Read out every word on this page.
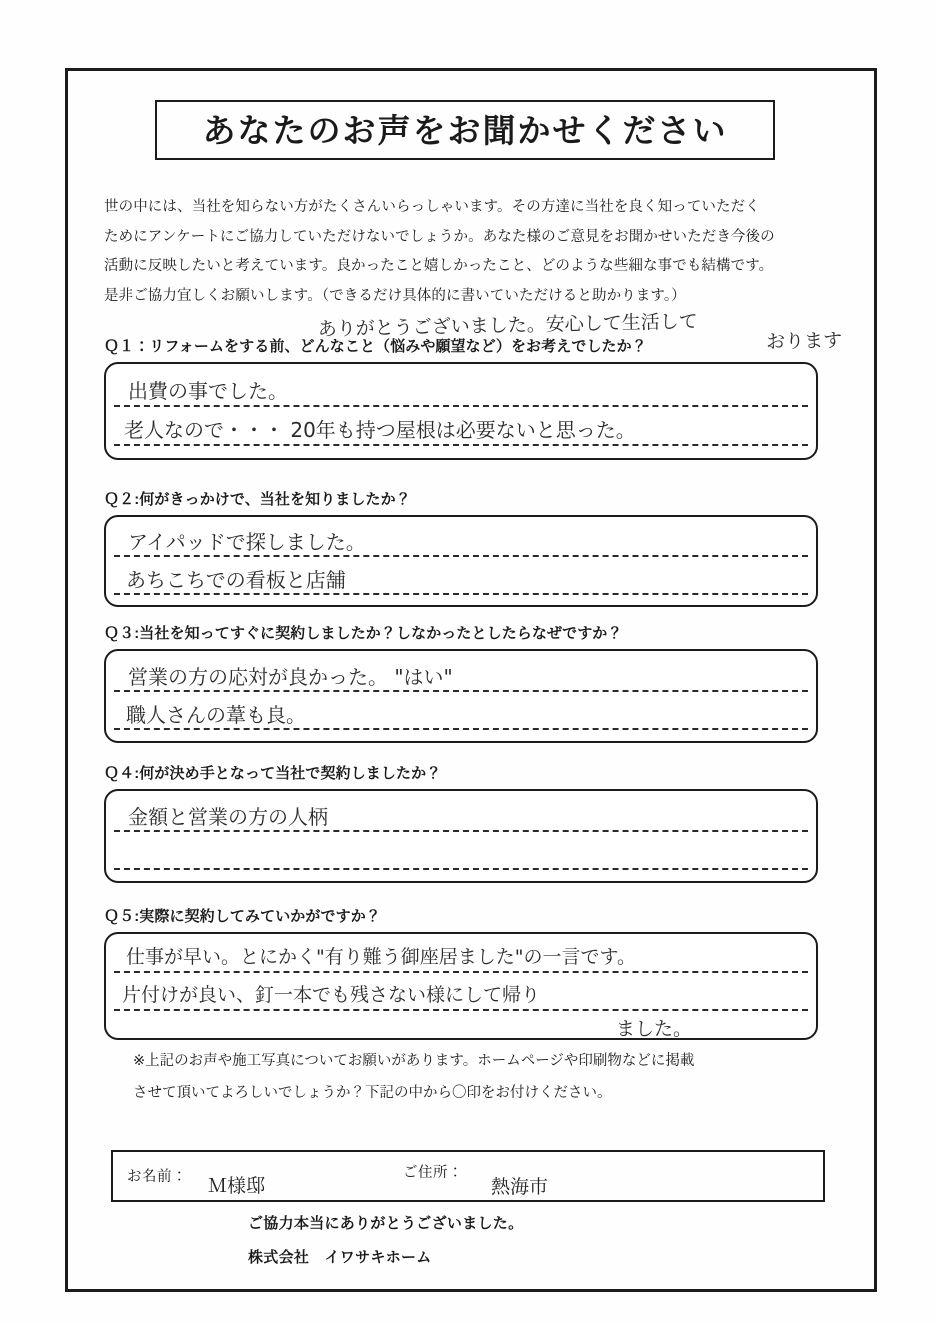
あなたのお声をお聞かせください

世の中には、当社を知らない方がたくさんいらっしゃいます。その方達に当社を良く知っていただく

ためにアンケートにご協力していただけないでしょうか。あなた様のご意見をお聞かせいただき今後の

活動に反映したいと考えています。良かったこと嬉しかったこと、どのような些細な事でも結構です。

是非ご協力宜しくお願いします。（できるだけ具体的に書いていただけると助かります。）

ありがとうございました。安心して生活して
おります
Ｑ１：リフォームをする前、どんなこと（悩みや願望など）をお考えでしたか？
出費の事でした。
老人なので・・・ 20年も持つ屋根は必要ないと思った。
Ｑ２:何がきっかけで、当社を知りましたか？
アイパッドで探しました。
あちこちでの看板と店舗
Ｑ３:当社を知ってすぐに契約しましたか？しなかったとしたらなぜですか？
営業の方の応対が良かった。 "はい"
職人さんの葦も良。
Ｑ４:何が決め手となって当社で契約しましたか？
金額と営業の方の人柄
Ｑ５:実際に契約してみていかがですか？
仕事が早い。とにかく"有り難う御座居ました"の一言です。
片付けが良い、釘一本でも残さない様にして帰り
ました。

※上記のお声や施工写真についてお願いがあります。ホームページや印刷物などに掲載

させて頂いてよろしいでしょうか？下記の中から〇印をお付けください。

お名前： Ｍ様邸
ご住所：
熱海市

ご協力本当にありがとうございました。

株式会社　イワサキホーム
